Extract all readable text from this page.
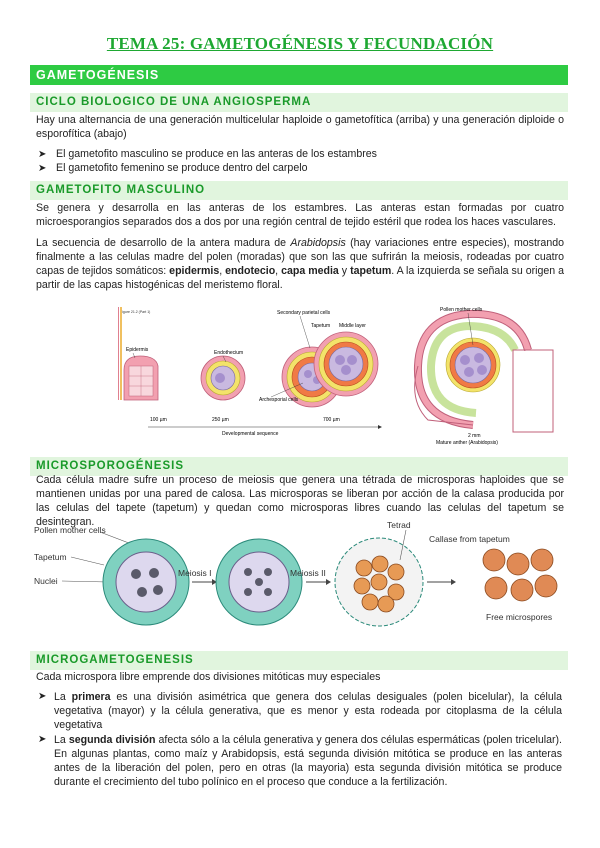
TEMA 25: GAMETOGÉNESIS Y FECUNDACIÓN
GAMETOGÉNESIS
CICLO BIOLOGICO DE UNA ANGIOSPERMA
Hay una alternancia de una generación multicelular haploide o gametofítica (arriba) y una generación diploide o esporofítica (abajo)
➤ El gametofito masculino se produce en las anteras de los estambres
➤ El gametofito femenino se produce dentro del carpelo
GAMETOFITO MASCULINO
Se genera y desarrolla en las anteras de los estambres. Las anteras estan formadas por cuatro microesporangios separados dos a dos por una región central de tejido estéril que rodea los haces vasculares.
La secuencia de desarrollo de la antera madura de Arabidopsis (hay variaciones entre especies), mostrando finalmente a las celulas madre del polen (moradas) que son las que sufrirán la meiosis, rodeadas por cuatro capas de tejidos somáticos: epidermis, endotecio, capa media y tapetum. A la izquierda se señala su origen a partir de las capas histogénicas del meristemo floral.
Figure 21.2 (Part 1)
Epidermis	Endothecium
Secondary parietal cells
Archesporial cells
Tapetum Middle layer
Pollen mother cells
100 µm	250 µm	700 µm
2 mm
Developmental sequence
Mature anther (Arabidopsis)
MICROSPOROGÉNESIS
Cada célula madre sufre un proceso de meiosis que genera una tétrada de microsporas haploides que se mantienen unidas por una pared de calosa. Las microsporas se liberan por acción de la calasa producida por las celulas del tapete (tapetum) y quedan como microsporas libres cuando las celulas del tapetum se desintegran.
Pollen mother cells
Tapetum
Nuclei
Meiosis I	Meiosis II
Tetrad
Callase from tapetum
Free microspores
MICROGAMETOGENESIS
Cada microspora libre emprende dos divisiones mitóticas muy especiales
➤ La primera es una división asimétrica que genera dos celulas desiguales (polen bicelular), la célula vegetativa (mayor) y la célula generativa, que es menor y esta rodeada por citoplasma de la célula vegetativa
➤ La segunda división afecta sólo a la célula generativa y genera dos células espermáticas (polen tricelular). En algunas plantas, como maíz y Arabidopsis, está segunda división mitótica se produce en las anteras antes de la liberación del polen, pero en otras (la mayoria) esta segunda división mitótica se produce durante el crecimiento del tubo polínico en el proceso que conduce a la fertilización.
